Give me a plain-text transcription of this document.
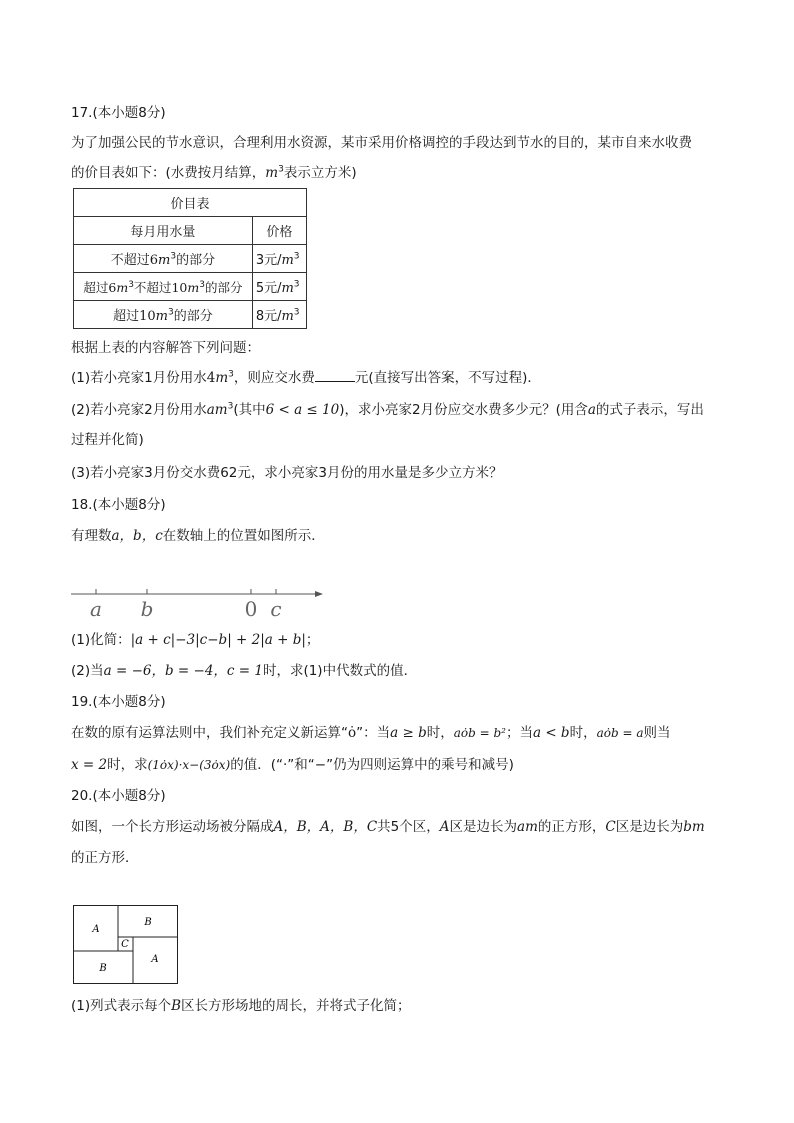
17.(本小题8分)
为了加强公民的节水意识，合理利用水资源，某市采用价格调控的手段达到节水的目的，某市自来水收费
的价目表如下：(水费按月结算，$m^3$表示立方米)
价目表	
每月用水量	价格
不超过$6m^3$的部分	3元$/m^3$
超过$6m^3$不超过$10m^3$的部分	5元$/m^3$
超过$10m^3$的部分	8元$/m^3$
根据上表的内容解答下列问题：
(1)若小亮家1月份用水$4m^3$，则应交水费	元(直接写出答案，不写过程)．
(2)若小亮家2月份用水$am^3$(其中6 < a ≤ 10)，求小亮家2月份应交水费多少元？(用含a的式子表示，写出
过程并化简)
(3)若小亮家3月份交水费62元，求小亮家3月份的用水量是多少立方米？
18.(本小题8分)
有理数a，b，c在数轴上的位置如图所示．
a b	0 c
(1)化简：|a + c|−3|c−b| + 2|a + b|；
(2)当a = −6，b = −4，c = 1时，求(1)中代数式的值．
19.(本小题8分)
在数的原有运算法则中，我们补充定义新运算“ȯ”：当a ≥ b时，aȯb = b²；当a < b时，aȯb = a则当
x = 2时，求(1ȯx)·x−(3ȯx)的值．(“·”和“−”仍为四则运算中的乘号和减号)
20.(本小题8分)
如图，一个长方形运动场被分隔成A，B，A，B，C共5个区，A区是边长为am的正方形，C区是边长为bm
的正方形．
A
B
C
B
A
(1)列式表示每个B区长方形场地的周长，并将式子化简；
